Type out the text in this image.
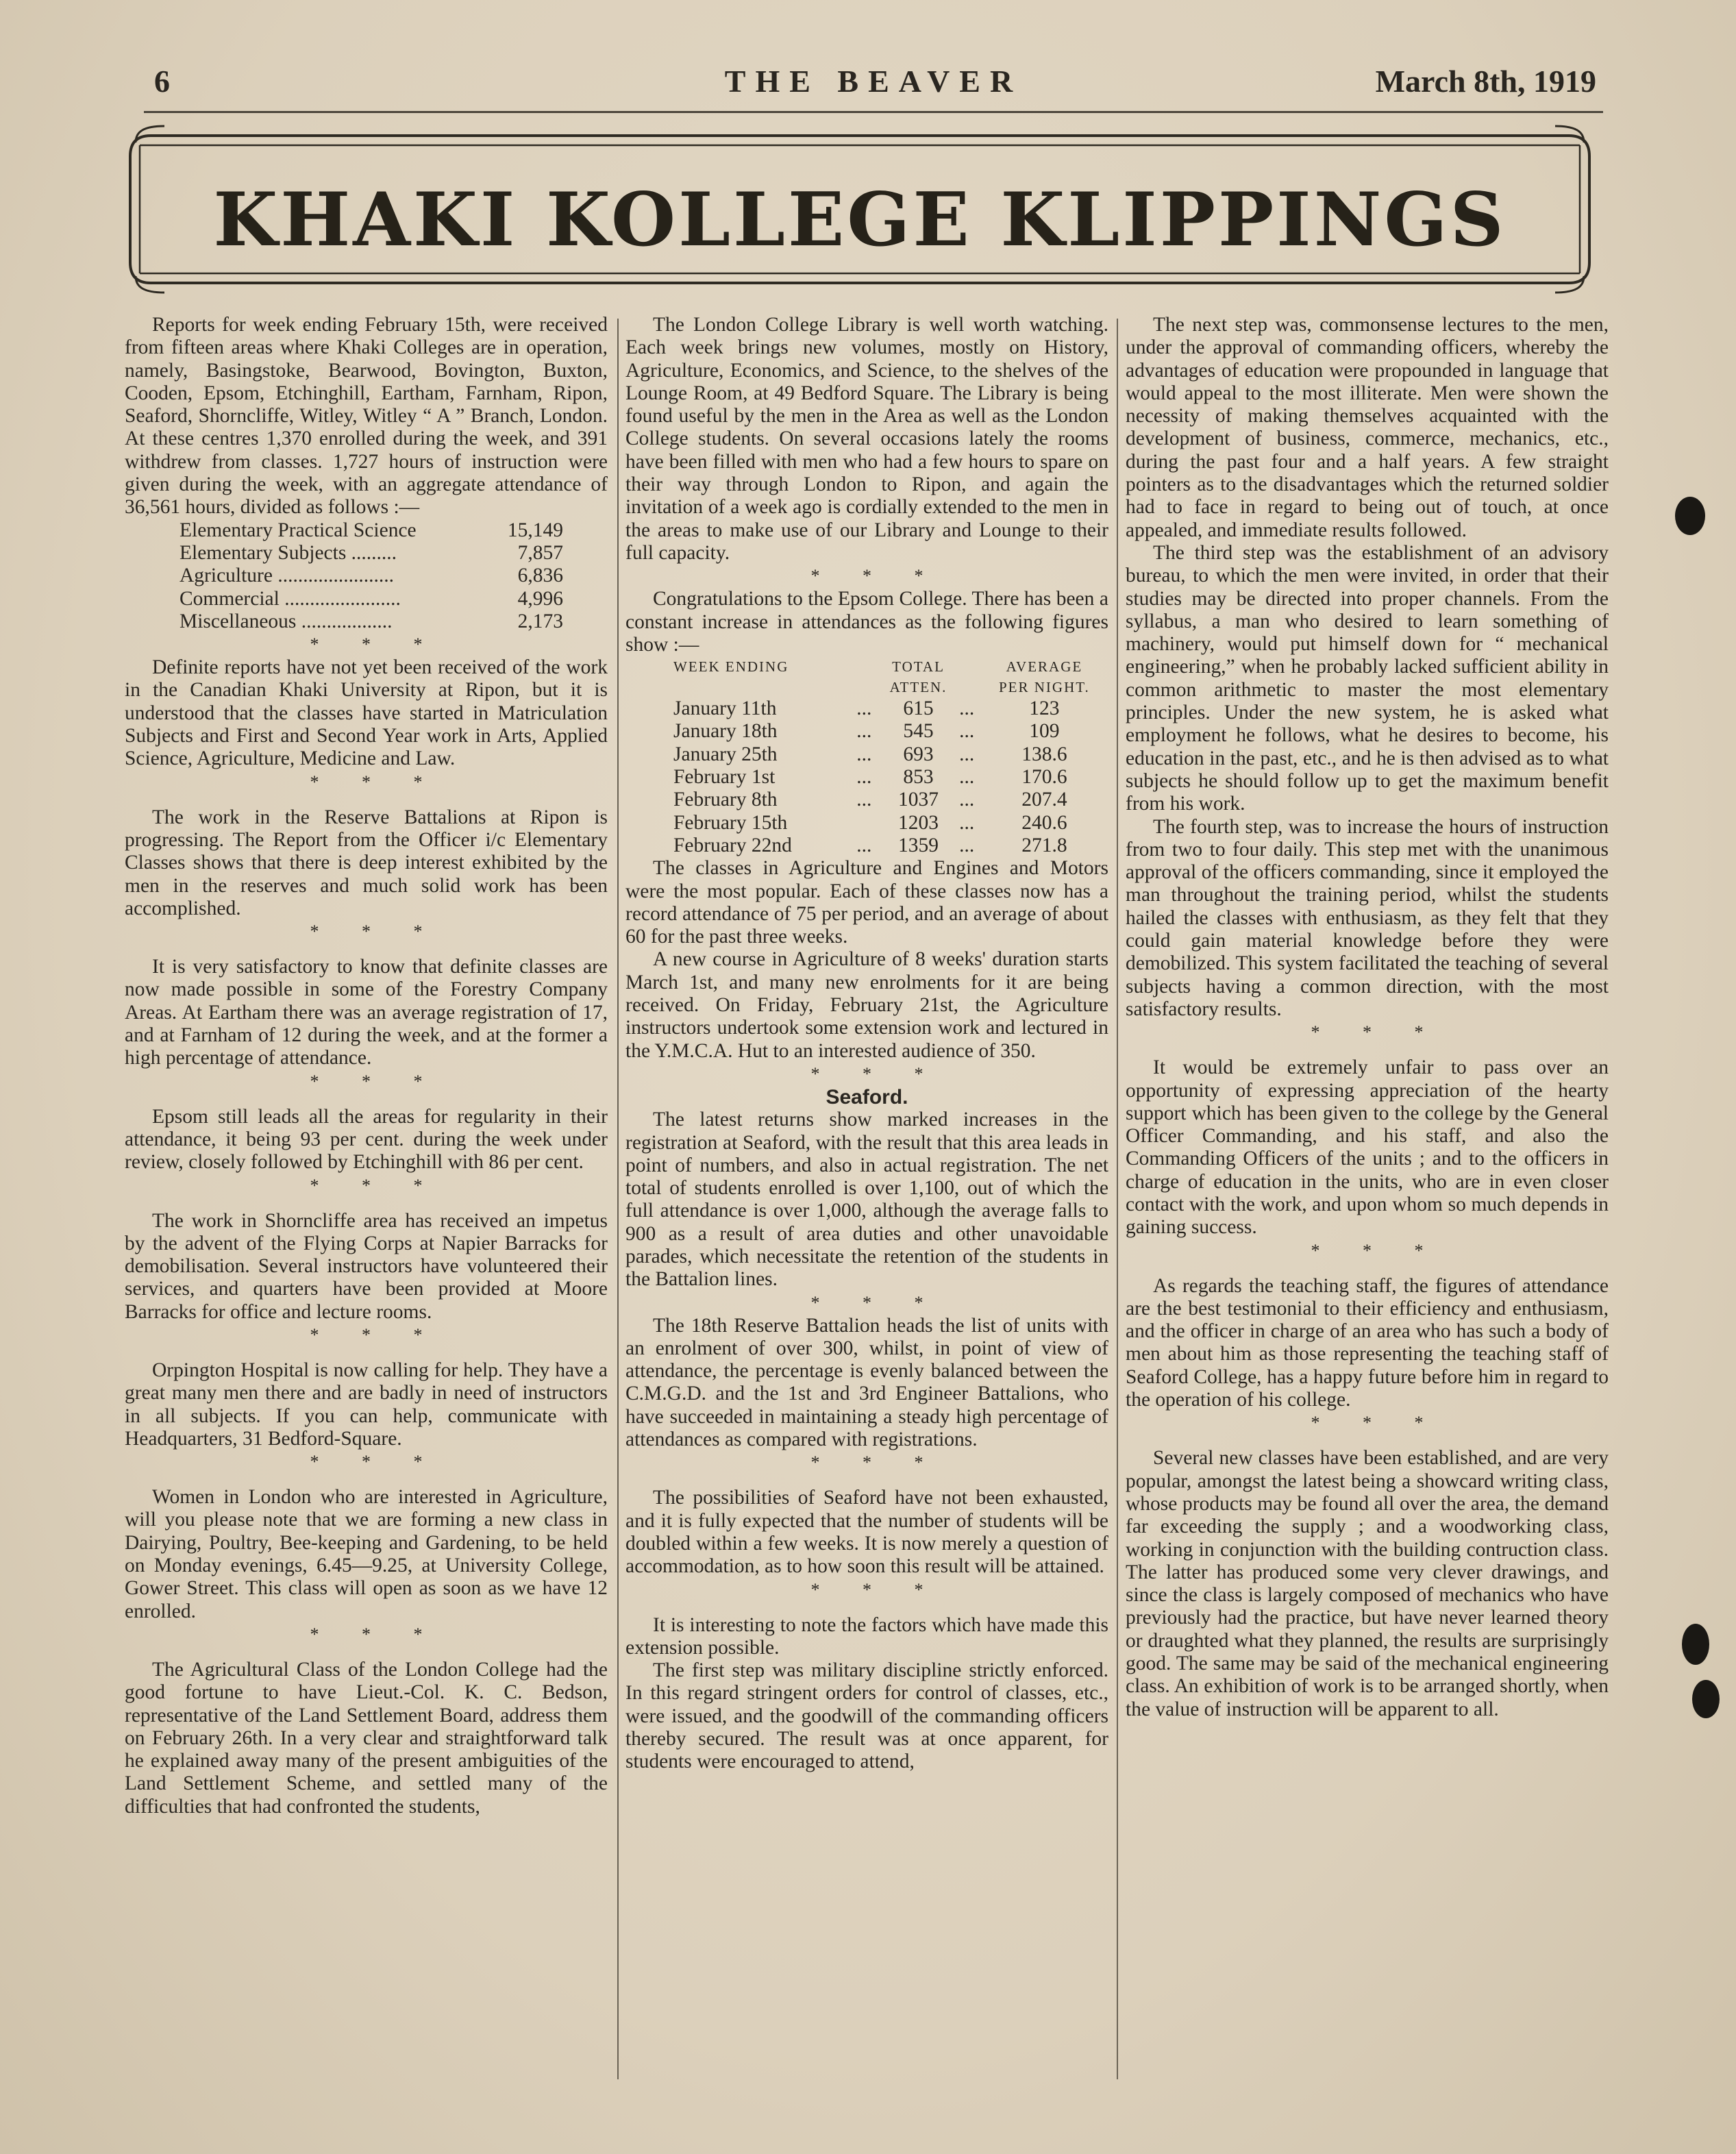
6	THE BEAVER	March 8th, 1919
KHAKI KOLLEGE KLIPPINGS

Reports for week ending February 15th, were received from fifteen areas where Khaki Colleges are in operation, namely, Basingstoke, Bearwood, Bovington, Buxton, Cooden, Epsom, Etchinghill, Eartham, Farnham, Ripon, Seaford, Shorncliffe, Witley, Witley “ A ” Branch, London. At these centres 1,370 enrolled during the week, and 391 withdrew from classes. 1,727 hours of instruction were given during the week, with an aggregate attendance of 36,561 hours, divided as follows :—

Elementary Practical Science	15,149
Elementary Subjects .........	7,857
Agriculture .......................	6,836
Commercial .......................	4,996
Miscellaneous ..................	2,173
* * *

Definite reports have not yet been received of the work in the Canadian Khaki University at Ripon, but it is understood that the classes have started in Matriculation Subjects and First and Second Year work in Arts, Applied Science, Agriculture, Medicine and Law.

* * *

The work in the Reserve Battalions at Ripon is progressing. The Report from the Officer i/c Elementary Classes shows that there is deep interest exhibited by the men in the reserves and much solid work has been accomplished.

* * *

It is very satisfactory to know that definite classes are now made possible in some of the Forestry Company Areas. At Eartham there was an average registration of 17, and at Farnham of 12 during the week, and at the former a high percentage of attendance.

* * *

Epsom still leads all the areas for regularity in their attendance, it being 93 per cent. during the week under review, closely followed by Etchinghill with 86 per cent.

* * *

The work in Shorncliffe area has received an impetus by the advent of the Flying Corps at Napier Barracks for demobilisation. Several instructors have volunteered their services, and quarters have been provided at Moore Barracks for office and lecture rooms.

* * *

Orpington Hospital is now calling for help. They have a great many men there and are badly in need of instructors in all subjects. If you can help, communicate with Headquarters, 31 Bedford-Square.

* * *

Women in London who are interested in Agriculture, will you please note that we are forming a new class in Dairying, Poultry, Bee-keeping and Gardening, to be held on Monday evenings, 6.45—9.25, at University College, Gower Street. This class will open as soon as we have 12 enrolled.

* * *

The Agricultural Class of the London College had the good fortune to have Lieut.-Col. K. C. Bedson, representative of the Land Settlement Board, address them on February 26th. In a very clear and straightforward talk he explained away many of the present ambiguities of the Land Settlement Scheme, and settled many of the difficulties that had confronted the students,

The London College Library is well worth watching. Each week brings new volumes, mostly on History, Agriculture, Economics, and Science, to the shelves of the Lounge Room, at 49 Bedford Square. The Library is being found useful by the men in the Area as well as the London College students. On several occasions lately the rooms have been filled with men who had a few hours to spare on their way through London to Ripon, and again the invitation of a week ago is cordially extended to the men in the areas to make use of our Library and Lounge to their full capacity.

* * *

Congratulations to the Epsom College. There has been a constant increase in attendances as the following figures show :—

WEEK ENDING		TOTAL		AVERAGE
		ATTEN.		PER NIGHT.
January 11th	...	615	...	123
January 18th	...	545	...	109
January 25th	...	693	...	138.6
February 1st	...	853	...	170.6
February 8th	...	1037	...	207.4
February 15th		1203	...	240.6
February 22nd	...	1359	...	271.8

The classes in Agriculture and Engines and Motors were the most popular. Each of these classes now has a record attendance of 75 per period, and an average of about 60 for the past three weeks.

A new course in Agriculture of 8 weeks' duration starts March 1st, and many new enrolments for it are being received. On Friday, February 21st, the Agriculture instructors undertook some extension work and lectured in the Y.M.C.A. Hut to an interested audience of 350.

* * *
Seaford.

The latest returns show marked increases in the registration at Seaford, with the result that this area leads in point of numbers, and also in actual registration. The net total of students enrolled is over 1,100, out of which the full attendance is over 1,000, although the average falls to 900 as a result of area duties and other unavoidable parades, which necessitate the retention of the students in the Battalion lines.

* * *

The 18th Reserve Battalion heads the list of units with an enrolment of over 300, whilst, in point of view of attendance, the percentage is evenly balanced between the C.M.G.D. and the 1st and 3rd Engineer Battalions, who have succeeded in maintaining a steady high percentage of attendances as compared with registrations.

* * *

The possibilities of Seaford have not been exhausted, and it is fully expected that the number of students will be doubled within a few weeks. It is now merely a question of accommodation, as to how soon this result will be attained.

* * *

It is interesting to note the factors which have made this extension possible.

The first step was military discipline strictly enforced. In this regard stringent orders for control of classes, etc., were issued, and the goodwill of the commanding officers thereby secured. The result was at once apparent, for students were encouraged to attend,

The next step was, commonsense lectures to the men, under the approval of commanding officers, whereby the advantages of education were propounded in language that would appeal to the most illiterate. Men were shown the necessity of making themselves acquainted with the development of business, commerce, mechanics, etc., during the past four and a half years. A few straight pointers as to the disadvantages which the returned soldier had to face in regard to being out of touch, at once appealed, and immediate results followed.

The third step was the establishment of an advisory bureau, to which the men were invited, in order that their studies may be directed into proper channels. From the syllabus, a man who desired to learn something of machinery, would put himself down for “ mechanical engineering,” when he probably lacked sufficient ability in common arithmetic to master the most elementary principles. Under the new system, he is asked what employment he follows, what he desires to become, his education in the past, etc., and he is then advised as to what subjects he should follow up to get the maximum benefit from his work.

The fourth step, was to increase the hours of instruction from two to four daily. This step met with the unanimous approval of the officers commanding, since it employed the man throughout the training period, whilst the students hailed the classes with enthusiasm, as they felt that they could gain material knowledge before they were demobilized. This system facilitated the teaching of several subjects having a common direction, with the most satisfactory results.

* * *

It would be extremely unfair to pass over an opportunity of expressing appreciation of the hearty support which has been given to the college by the General Officer Commanding, and his staff, and also the Commanding Officers of the units ; and to the officers in charge of education in the units, who are in even closer contact with the work, and upon whom so much depends in gaining success.

* * *

As regards the teaching staff, the figures of attendance are the best testimonial to their efficiency and enthusiasm, and the officer in charge of an area who has such a body of men about him as those representing the teaching staff of Seaford College, has a happy future before him in regard to the operation of his college.

* * *

Several new classes have been established, and are very popular, amongst the latest being a showcard writing class, whose products may be found all over the area, the demand far exceeding the supply ; and a woodworking class, working in conjunction with the building contruction class. The latter has produced some very clever drawings, and since the class is largely composed of mechanics who have previously had the practice, but have never learned theory or draughted what they planned, the results are surprisingly good. The same may be said of the mechanical engineering class. An exhibition of work is to be arranged shortly, when the value of instruction will be apparent to all.
